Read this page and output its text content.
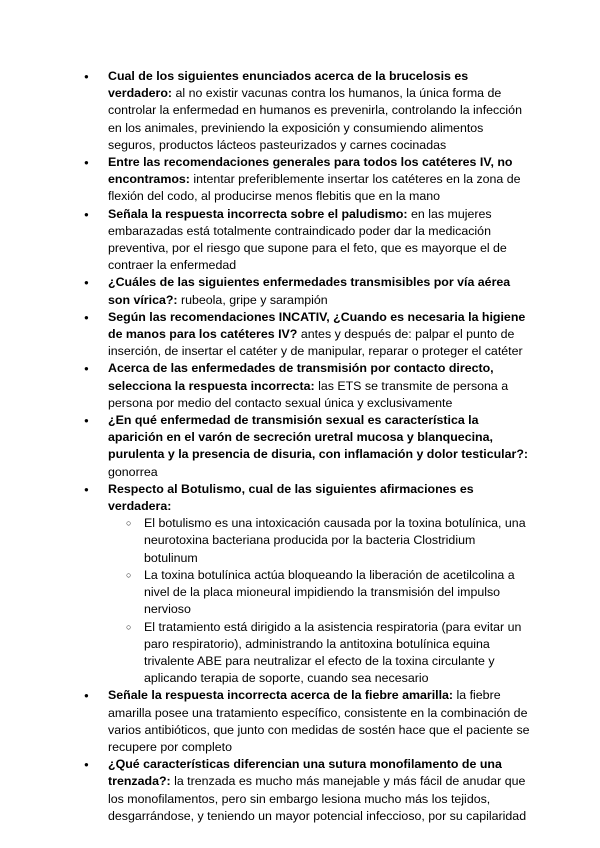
● Cual de los siguientes enunciados acerca de la brucelosis es verdadero: al no existir vacunas contra los humanos, la única forma de controlar la enfermedad en humanos es prevenirla, controlando la infección en los animales, previniendo la exposición y consumiendo alimentos seguros, productos lácteos pasteurizados y carnes cocinadas
● Entre las recomendaciones generales para todos los catéteres IV, no encontramos: intentar preferiblemente insertar los catéteres en la zona de flexión del codo, al producirse menos flebitis que en la mano
● Señala la respuesta incorrecta sobre el paludismo: en las mujeres embarazadas está totalmente contraindicado poder dar la medicación preventiva, por el riesgo que supone para el feto, que es mayorque el de contraer la enfermedad
● ¿Cuáles de las siguientes enfermedades transmisibles por vía aérea son vírica?: rubeola, gripe y sarampión
● Según las recomendaciones INCATIV, ¿Cuando es necesaria la higiene de manos para los catéteres IV? antes y después de: palpar el punto de inserción, de insertar el catéter y de manipular, reparar o proteger el catéter
● Acerca de las enfermedades de transmisión por contacto directo, selecciona la respuesta incorrecta: las ETS se transmite de persona a persona por medio del contacto sexual única y exclusivamente
● ¿En qué enfermedad de transmisión sexual es característica la aparición en el varón de secreción uretral mucosa y blanquecina, purulenta y la presencia de disuria, con inflamación y dolor testicular?: gonorrea
● Respecto al Botulismo, cual de las siguientes afirmaciones es verdadera:
○ El botulismo es una intoxicación causada por la toxina botulínica, una neurotoxina bacteriana producida por la bacteria Clostridium botulinum
○ La toxina botulínica actúa bloqueando la liberación de acetilcolina a nivel de la placa mioneural impidiendo la transmisión del impulso nervioso
○ El tratamiento está dirigido a la asistencia respiratoria (para evitar un paro respiratorio), administrando la antitoxina botulínica equina trivalente ABE para neutralizar el efecto de la toxina circulante y aplicando terapia de soporte, cuando sea necesario
● Señale la respuesta incorrecta acerca de la fiebre amarilla: la fiebre amarilla posee una tratamiento específico, consistente en la combinación de varios antibióticos, que junto con medidas de sostén hace que el paciente se recupere por completo
● ¿Qué características diferencian una sutura monofilamento de una trenzada?: la trenzada es mucho más manejable y más fácil de anudar que los monofilamentos, pero sin embargo lesiona mucho más los tejidos, desgarrándose, y teniendo un mayor potencial infeccioso, por su capilaridad
